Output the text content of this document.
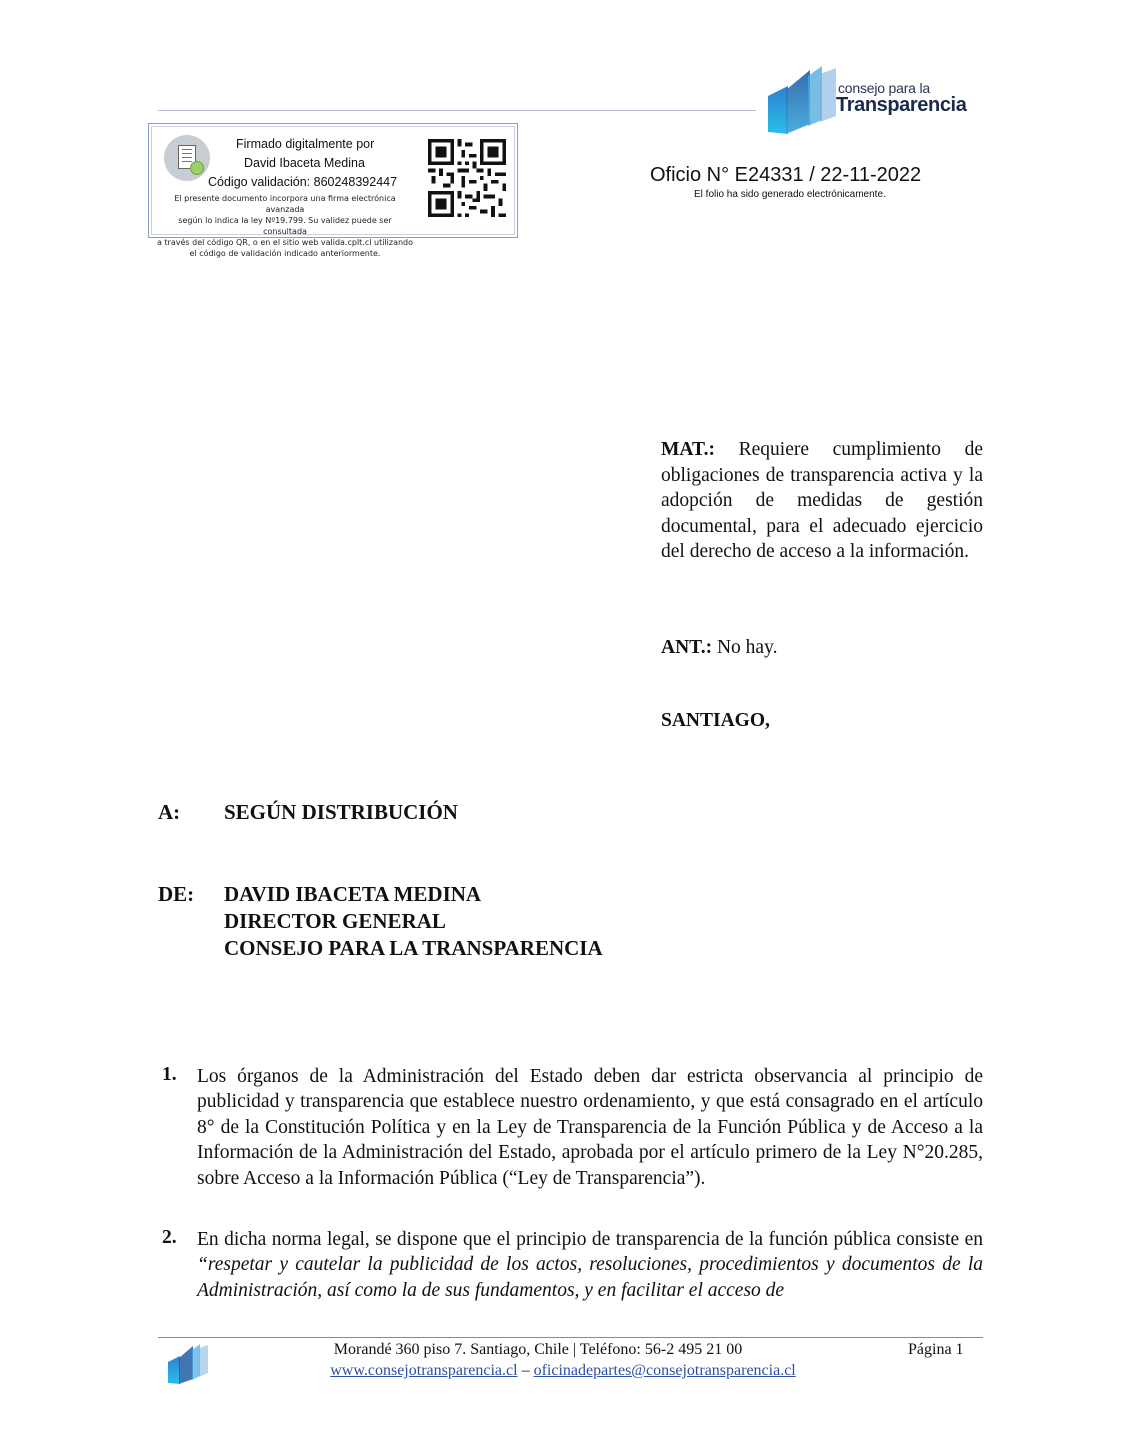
consejo para la
Transparencia
Firmado digitalmente por
David Ibaceta Medina
Código validación: 860248392447
El presente documento incorpora una firma electrónica avanzada
según lo indica la ley Nº19.799. Su validez puede ser consultada
a través del código QR, o en el sitio web valida.cplt.cl utilizando
el código de validación indicado anteriormente.
Oficio N° E24331 / 22-11-2022
El folio ha sido generado electrónicamente.
MAT.: Requiere cumplimiento de obligaciones de transparencia activa y la adopción de medidas de gestión documental, para el adecuado ejercicio del derecho de acceso a la información.
ANT.: No hay.
SANTIAGO,
A: SEGÚN DISTRIBUCIÓN
DE: DAVID IBACETA MEDINA
DIRECTOR GENERAL
CONSEJO PARA LA TRANSPARENCIA
1. Los órganos de la Administración del Estado deben dar estricta observancia al principio de publicidad y transparencia que establece nuestro ordenamiento, y que está consagrado en el artículo 8° de la Constitución Política y en la Ley de Transparencia de la Función Pública y de Acceso a la Información de la Administración del Estado, aprobada por el artículo primero de la Ley N°20.285, sobre Acceso a la Información Pública (“Ley de Transparencia”).
2. En dicha norma legal, se dispone que el principio de transparencia de la función pública consiste en “respetar y cautelar la publicidad de los actos, resoluciones, procedimientos y documentos de la Administración, así como la de sus fundamentos, y en facilitar el acceso de
Morandé 360 piso 7. Santiago, Chile | Teléfono: 56-2 495 21 00	Página 1
www.consejotransparencia.cl – oficinadepartes@consejotransparencia.cl
